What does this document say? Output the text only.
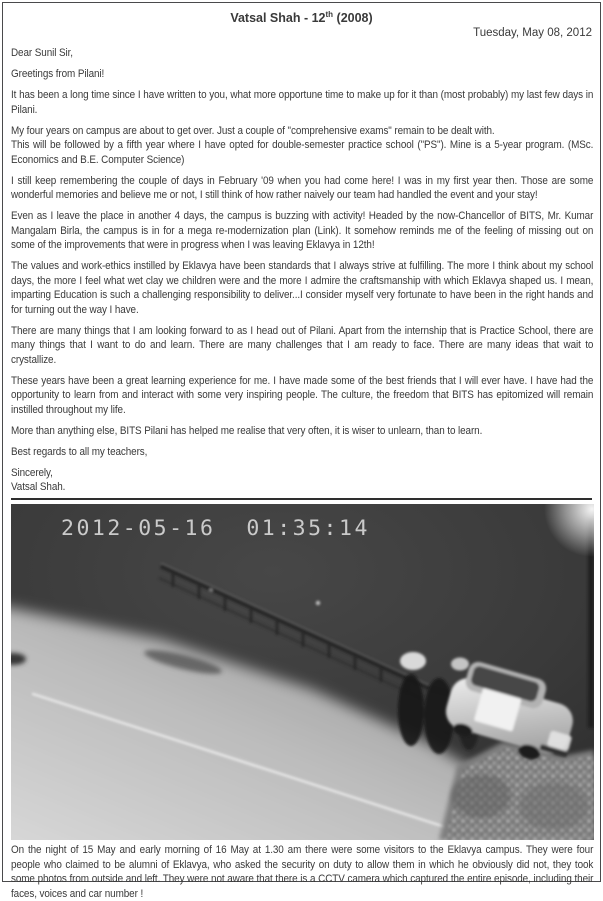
Vatsal Shah - 12th (2008)
Tuesday, May 08, 2012

Dear Sunil Sir,

Greetings from Pilani!

It has been a long time since I have written to you, what more opportune time to make up for it than (most probably) my last few days in Pilani.

My four years on campus are about to get over. Just a couple of "comprehensive exams" remain to be dealt with.

This will be followed by a fifth year where I have opted for double-semester practice school ("PS"). Mine is a 5-year program. (MSc. Economics and B.E. Computer Science)

I still keep remembering the couple of days in February '09 when you had come here! I was in my first year then. Those are some wonderful memories and believe me or not, I still think of how rather naively our team had handled the event and your stay!

Even as I leave the place in another 4 days, the campus is buzzing with activity! Headed by the now-Chancellor of BITS, Mr. Kumar Mangalam Birla, the campus is in for a mega re-modernization plan (Link). It somehow reminds me of the feeling of missing out on some of the improvements that were in progress when I was leaving Eklavya in 12th!

The values and work-ethics instilled by Eklavya have been standards that I always strive at fulfilling. The more I think about my school days, the more I feel what wet clay we children were and the more I admire the craftsmanship with which Eklavya shaped us. I mean, imparting Education is such a challenging responsibility to deliver...I consider myself very fortunate to have been in the right hands and for turning out the way I have.

There are many things that I am looking forward to as I head out of Pilani. Apart from the internship that is Practice School, there are many things that I want to do and learn. There are many challenges that I am ready to face. There are many ideas that wait to crystallize.

These years have been a great learning experience for me. I have made some of the best friends that I will ever have. I have had the opportunity to learn from and interact with some very inspiring people. The culture, the freedom that BITS has epitomized will remain instilled throughout my life.

More than anything else, BITS Pilani has helped me realise that very often, it is wiser to unlearn, than to learn.

Best regards to all my teachers,

Sincerely,

Vatsal Shah.

2012-05-16  01:35:14

On the night of 15 May and early morning of 16 May at 1.30 am there were some visitors to the Eklavya campus. They were four people who claimed to be alumni of Eklavya, who asked the security on duty to allow them in which he obviously did not, they took some photos from outside and left. They were not aware that there is a CCTV camera which captured the entire episode, including their faces, voices and car number !
